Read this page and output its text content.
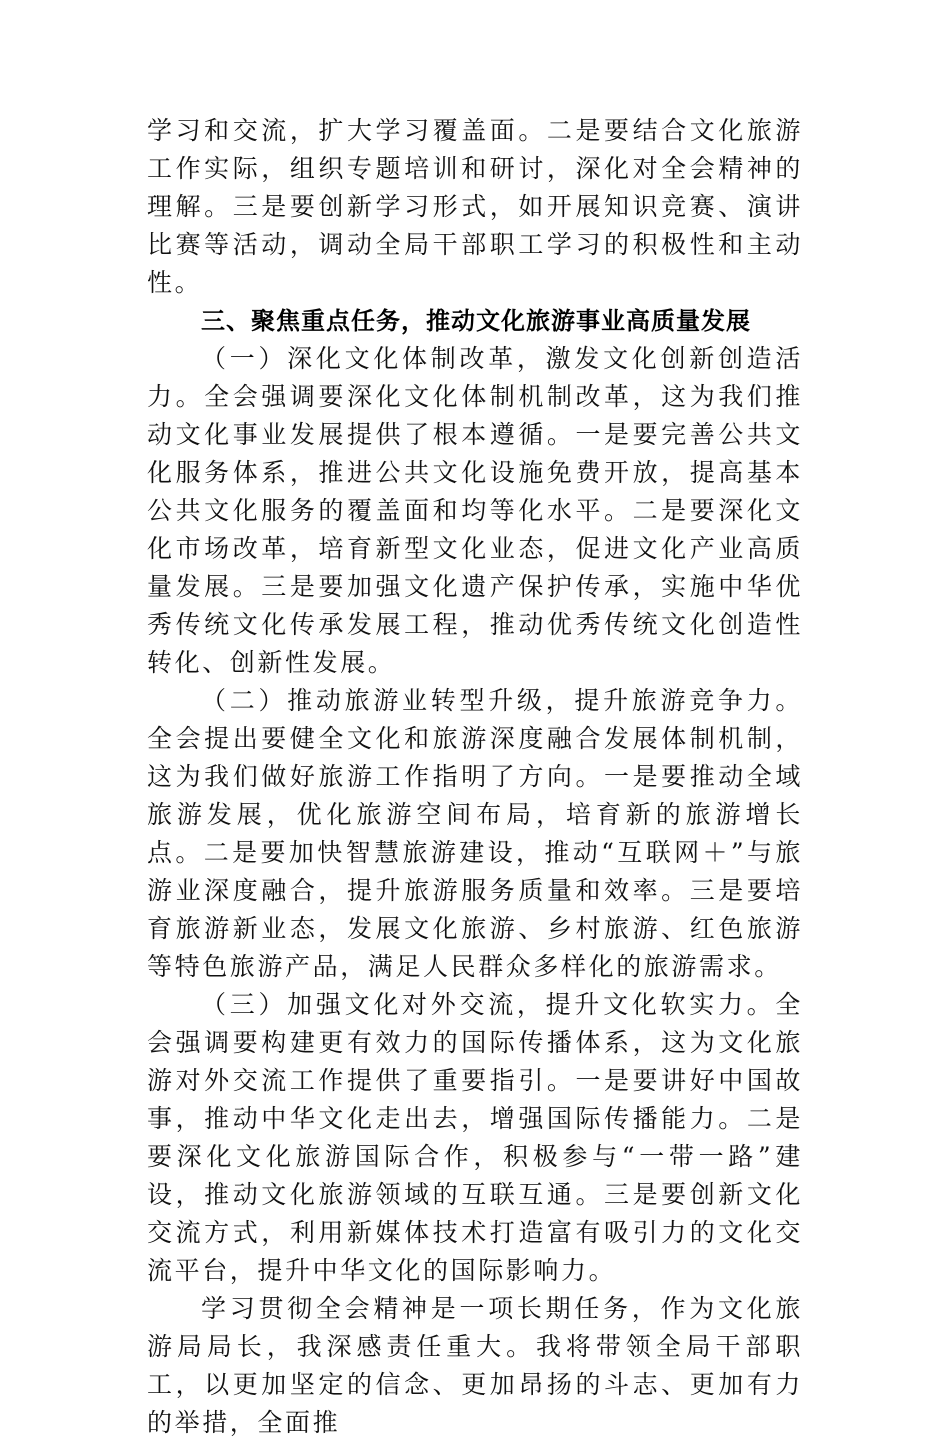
学习和交流，扩大学习覆盖面。二是要结合文化旅游工作实际，组织专题培训和研讨，深化对全会精神的理解。三是要创新学习形式，如开展知识竞赛、演讲比赛等活动，调动全局干部职工学习的积极性和主动性。

三、聚焦重点任务，推动文化旅游事业高质量发展

（一）深化文化体制改革，激发文化创新创造活力。全会强调要深化文化体制机制改革，这为我们推动文化事业发展提供了根本遵循。一是要完善公共文化服务体系，推进公共文化设施免费开放，提高基本公共文化服务的覆盖面和均等化水平。二是要深化文化市场改革，培育新型文化业态，促进文化产业高质量发展。三是要加强文化遗产保护传承，实施中华优秀传统文化传承发展工程，推动优秀传统文化创造性转化、创新性发展。

（二）推动旅游业转型升级，提升旅游竞争力。全会提出要健全文化和旅游深度融合发展体制机制，这为我们做好旅游工作指明了方向。一是要推动全域旅游发展，优化旅游空间布局，培育新的旅游增长点。二是要加快智慧旅游建设，推动“互联网＋”与旅游业深度融合，提升旅游服务质量和效率。三是要培育旅游新业态，发展文化旅游、乡村旅游、红色旅游等特色旅游产品，满足人民群众多样化的旅游需求。

（三）加强文化对外交流，提升文化软实力。全会强调要构建更有效力的国际传播体系，这为文化旅游对外交流工作提供了重要指引。一是要讲好中国故事，推动中华文化走出去，增强国际传播能力。二是要深化文化旅游国际合作，积极参与“一带一路”建设，推动文化旅游领域的互联互通。三是要创新文化交流方式，利用新媒体技术打造富有吸引力的文化交流平台，提升中华文化的国际影响力。

学习贯彻全会精神是一项长期任务，作为文化旅游局局长，我深感责任重大。我将带领全局干部职工，以更加坚定的信念、更加昂扬的斗志、更加有力的举措，全面推
